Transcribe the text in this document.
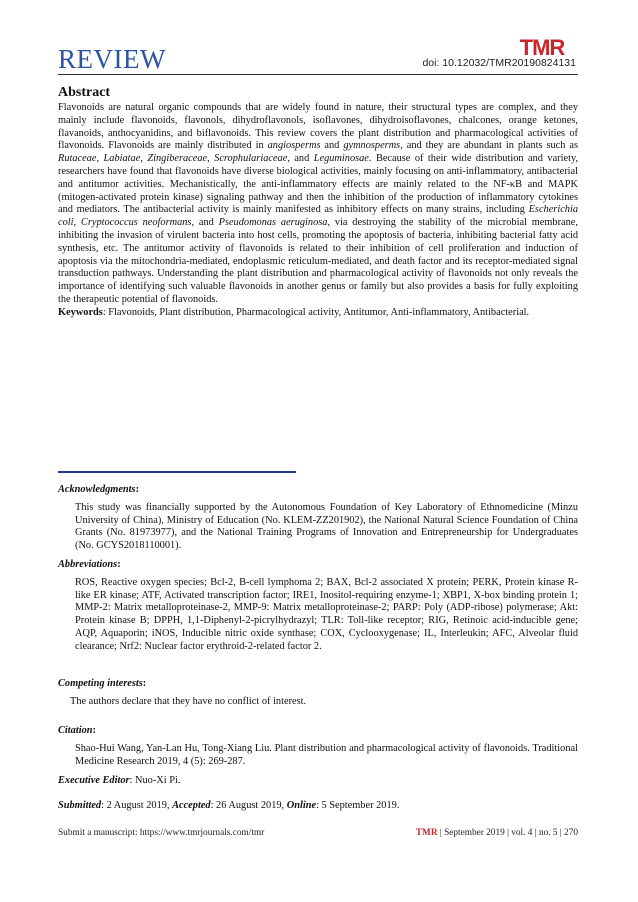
REVIEW	TMR
doi: 10.12032/TMR20190824131
Abstract

Flavonoids are natural organic compounds that are widely found in nature, their structural types are complex, and they mainly include flavonoids, flavonols, dihydroflavonols, isoflavones, dihydroisoflavones, chalcones, orange ketones, flavanoids, anthocyanidins, and biflavonoids. This review covers the plant distribution and pharmacological activities of flavonoids. Flavonoids are mainly distributed in angiosperms and gymnosperms, and they are abundant in plants such as Rutaceae, Labiatae, Zingiberaceae, Scrophulariaceae, and Leguminosae. Because of their wide distribution and variety, researchers have found that flavonoids have diverse biological activities, mainly focusing on anti-inflammatory, antibacterial and antitumor activities. Mechanistically, the anti-inflammatory effects are mainly related to the NF-κB and MAPK (mitogen-activated protein kinase) signaling pathway and then the inhibition of the production of inflammatory cytokines and mediators. The antibacterial activity is mainly manifested as inhibitory effects on many strains, including Escherichia coli, Cryptococcus neoformans, and Pseudomonas aeruginosa, via destroying the stability of the microbial membrane, inhibiting the invasion of virulent bacteria into host cells, promoting the apoptosis of bacteria, inhibiting bacterial fatty acid synthesis, etc. The antitumor activity of flavonoids is related to their inhibition of cell proliferation and induction of apoptosis via the mitochondria-mediated, endoplasmic reticulum-mediated, and death factor and its receptor-mediated signal transduction pathways. Understanding the plant distribution and pharmacological activity of flavonoids not only reveals the importance of identifying such valuable flavonoids in another genus or family but also provides a basis for fully exploiting the therapeutic potential of flavonoids.

Keywords: Flavonoids, Plant distribution, Pharmacological activity, Antitumor, Anti-inflammatory, Antibacterial.

Acknowledgments:
This study was financially supported by the Autonomous Foundation of Key Laboratory of Ethnomedicine (Minzu University of China), Ministry of Education (No. KLEM-ZZ201902), the National Natural Science Foundation of China Grants (No. 81973977), and the National Training Programs of Innovation and Entrepreneurship for Undergraduates (No. GCYS2018110001).
Abbreviations:
ROS, Reactive oxygen species; Bcl-2, B-cell lymphoma 2; BAX, Bcl-2 associated X protein; PERK, Protein kinase R-like ER kinase; ATF, Activated transcription factor; IRE1, Inositol-requiring enzyme-1; XBP1, X-box binding protein 1; MMP-2: Matrix metalloproteinase-2, MMP-9: Matrix metalloproteinase-2; PARP: Poly (ADP-ribose) polymerase; Akt: Protein kinase B; DPPH, 1,1-Diphenyl-2-picrylhydrazyl; TLR: Toll-like receptor; RIG, Retinoic acid-inducible gene; AQP, Aquaporin; iNOS, Inducible nitric oxide synthase; COX, Cyclooxygenase; IL, Interleukin; AFC, Alveolar fluid clearance; Nrf2: Nuclear factor erythroid-2-related factor 2.
Competing interests:
The authors declare that they have no conflict of interest.
Citation:
Shao-Hui Wang, Yan-Lan Hu, Tong-Xiang Liu. Plant distribution and pharmacological activity of flavonoids. Traditional Medicine Research 2019, 4 (5): 269-287.
Executive Editor: Nuo-Xi Pi.
Submitted: 2 August 2019, Accepted: 26 August 2019, Online: 5 September 2019.
Submit a manuscript: https://www.tmrjournals.com/tmr	TMR | September 2019 | vol. 4 | no. 5 | 270
